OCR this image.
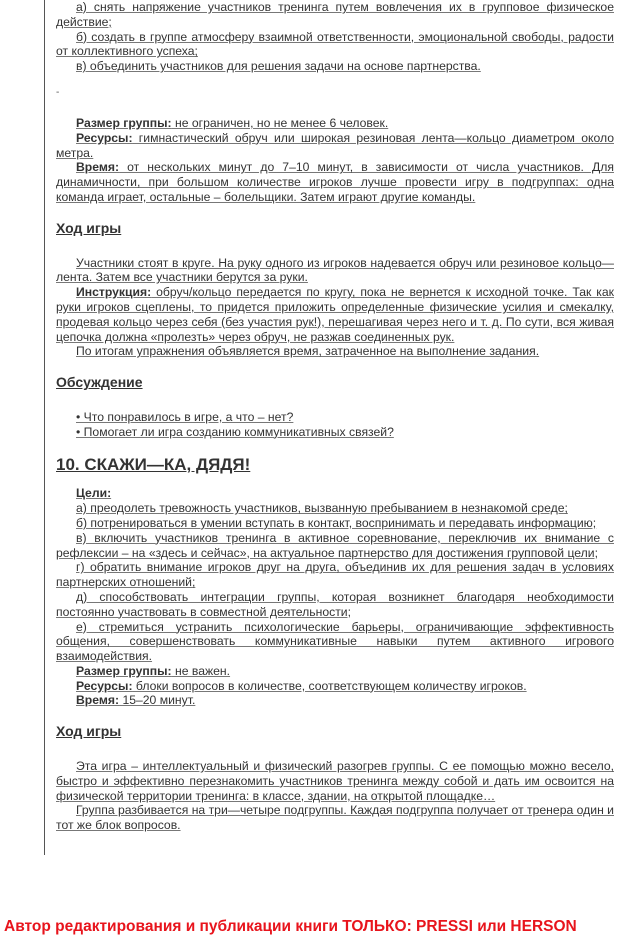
а) снять напряжение участников тренинга путем вовлечения их в групповое физическое действие;

б) создать в группе атмосферу взаимной ответственности, эмоциональной свободы, радости от коллективного успеха;

в) объединить участников для решения задачи на основе партнерства.

-

Размер группы: не ограничен, но не менее 6 человек.

Ресурсы: гимнастический обруч или широкая резиновая лента—кольцо диаметром около метра.

Время: от нескольких минут до 7–10 минут, в зависимости от числа участников. Для динамичности, при большом количестве игроков лучше провести игру в подгруппах: одна команда играет, остальные – болельщики. Затем играют другие команды.

Ход игры

Участники стоят в круге. На руку одного из игроков надевается обруч или резиновое кольцо—лента. Затем все участники берутся за руки.

Инструкция: обруч/кольцо передается по кругу, пока не вернется к исходной точке. Так как руки игроков сцеплены, то придется приложить определенные физические усилия и смекалку, продевая кольцо через себя (без участия рук!), перешагивая через него и т. д. По сути, вся живая цепочка должна «пролезть» через обруч, не разжав соединенных рук.

По итогам упражнения объявляется время, затраченное на выполнение задания.

Обсуждение

• Что понравилось в игре, а что – нет?

• Помогает ли игра созданию коммуникативных связей?

10. СКАЖИ—КА, ДЯДЯ!

Цели:

а) преодолеть тревожность участников, вызванную пребыванием в незнакомой среде;

б) потренироваться в умении вступать в контакт, воспринимать и передавать информацию;

в) включить участников тренинга в активное соревнование, переключив их внимание с рефлексии – на «здесь и сейчас», на актуальное партнерство для достижения групповой цели;

г) обратить внимание игроков друг на друга, объединив их для решения задач в условиях партнерских отношений;

д) способствовать интеграции группы, которая возникнет благодаря необходимости постоянно участвовать в совместной деятельности;

е) стремиться устранить психологические барьеры, ограничивающие эффективность общения, совершенствовать коммуникативные навыки путем активного игрового взаимодействия.

Размер группы: не важен.

Ресурсы: блоки вопросов в количестве, соответствующем количеству игроков.

Время: 15–20 минут.

Ход игры

Эта игра – интеллектуальный и физический разогрев группы. С ее помощью можно весело, быстро и эффективно перезнакомить участников тренинга между собой и дать им освоится на физической территории тренинга: в классе, здании, на открытой площадке…

Группа разбивается на три—четыре подгруппы. Каждая подгруппа получает от тренера один и тот же блок вопросов.

Автор редактирования и публикации книги ТОЛЬКО: PRESSI или HERSON
